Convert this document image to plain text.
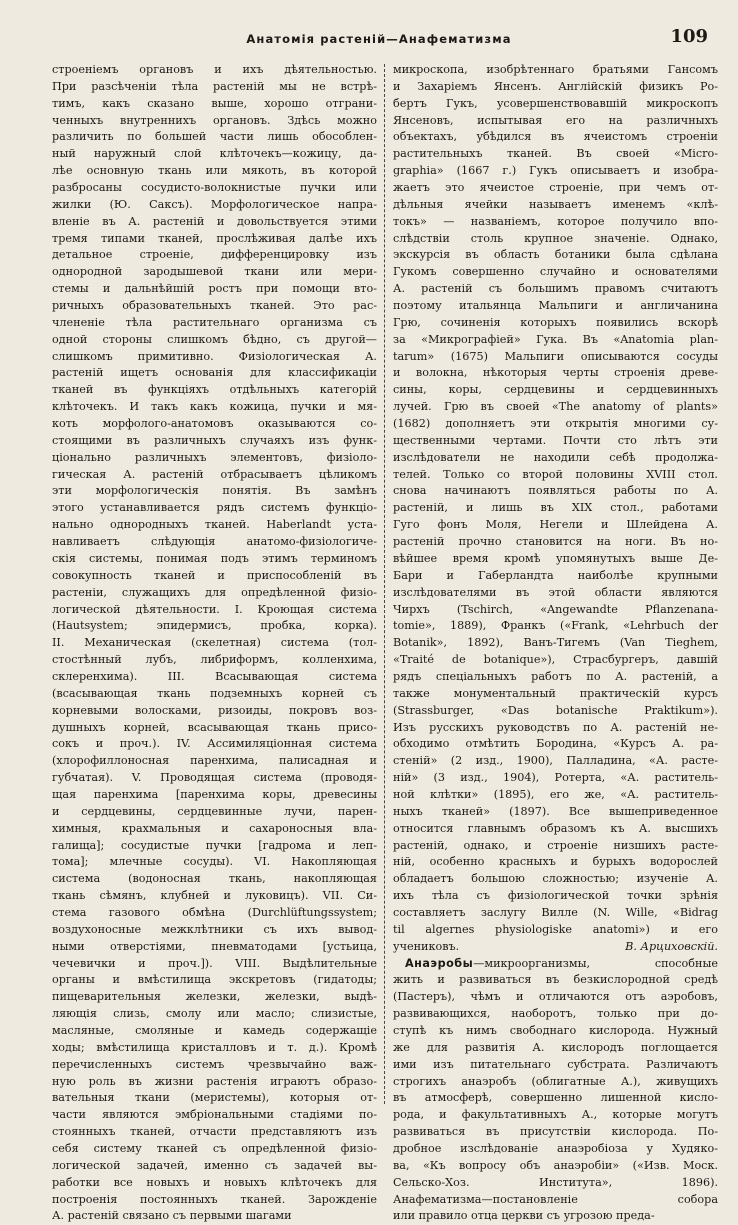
Анатомія растеній—Анафематизма	109
строеніемъ органовъ и ихъ дѣятельностью.
При разсѣченіи тѣла растеній мы не встрѣ-
тимъ, какъ сказано выше, хорошо отграни-
ченныхъ внутреннихъ органовъ. Здѣсь можно
различить по большей части лишь обособлен-
ный наружный слой клѣточекъ—кожицу, да-
лѣе основную ткань или мякоть, въ которой
разбросаны сосудисто-волокнистые пучки или
жилки (Ю. Саксъ). Морфологическое напра-
вленіе въ А. растеній и довольствуется этими
тремя типами тканей, прослѣживая далѣе ихъ
детальное строеніе, дифференцировку изъ
однородной зародышевой ткани или мери-
стемы и дальнѣйшій ростъ при помощи вто-
ричныхъ образовательныхъ тканей. Это рас-
члененіе тѣла растительнаго организма съ
одной стороны слишкомъ бѣдно, съ другой—
слишкомъ примитивно. Физіологическая А.
растеній ищетъ основанія для классификаціи
тканей въ функціяхъ отдѣльныхъ категорій
клѣточекъ. И такъ какъ кожица, пучки и мя-
коть морфолого-анатомовъ оказываются со-
стоящими въ различныхъ случаяхъ изъ функ-
ціонально различныхъ элементовъ, физіоло-
гическая А. растеній отбрасываетъ цѣликомъ
эти морфологическія понятія. Въ замѣнъ
этого устанавливается рядъ системъ функціо-
нально однородныхъ тканей. Haberlandt уста-
навливаетъ слѣдующія анатомо-физіологиче-
скія системы, понимая подъ этимъ терминомъ
совокупность тканей и приспособленій въ
растеніи, служащихъ для опредѣленной физіо-
логической дѣятельности. I. Кроющая система
(Hautsystem; эпидермисъ, пробка, корка).
II. Механическая (скелетная) система (тол-
стостѣнный лубъ, либриформъ, колленхима,
склеренхима). III. Всасывающая система
(всасывающая ткань подземныхъ корней съ
корневыми волосками, ризоиды, покровъ воз-
душныхъ корней, всасывающая ткань присо-
сокъ и проч.). IV. Ассимиляціонная система
(хлорофиллоносная паренхима, палисадная и
губчатая). V. Проводящая система (проводя-
щая паренхима [паренхима коры, древесины
и сердцевины, сердцевинные лучи, парен-
химныя, крахмальныя и сахароносныя вла-
галища]; сосудистые пучки [гадрома и леп-
тома]; млечные сосуды). VI. Накопляющая
система (водоносная ткань, накопляющая
ткань сѣмянъ, клубней и луковицъ). VII. Си-
стема газового обмѣна (Durchlüftungssystem;
воздухоносные межклѣтники съ ихъ вывод-
ными отверстіями, пневматодами [устьица,
чечевички и проч.]). VIII. Выдѣлительные
органы и вмѣстилища экскретовъ (гидатоды;
пищеварительныя железки, железки, выдѣ-
ляющія слизь, смолу или масло; слизистые,
масляные, смоляные и камедь содержащіе
ходы; вмѣстилища кристалловъ и т. д.). Кромѣ
перечисленныхъ системъ чрезвычайно важ-
ную роль въ жизни растенія играютъ образо-
вательныя ткани (меристемы), которыя от-
части являются эмбріональными стадіями по-
стоянныхъ тканей, отчасти представляютъ изъ
себя систему тканей съ опредѣленной физіо-
логической задачей, именно съ задачей вы-
работки все новыхъ и новыхъ клѣточекъ для
построенія постоянныхъ тканей. Зарожденіе
А. растеній связано съ первыми шагами
микроскопа, изобрѣтеннаго братьями Гансомъ
и Захаріемъ Янсенъ. Англійскій физикъ Ро-
бертъ Гукъ, усовершенствовавшій микроскопъ
Янсеновъ, испытывая его на различныхъ
объектахъ, убѣдился въ ячеистомъ строеніи
растительныхъ тканей. Въ своей «Micro-
graphia» (1667 г.) Гукъ описываетъ и изобра-
жаетъ это ячеистое строеніе, при чемъ от-
дѣльныя ячейки называетъ именемъ «клѣ-
токъ» — названіемъ, которое получило впо-
слѣдствіи столь крупное значеніе. Однако,
экскурсія въ область ботаники была сдѣлана
Гукомъ совершенно случайно и основателями
А. растеній съ большимъ правомъ считаютъ
поэтому итальянца Мальпиги и англичанина
Грю, сочиненія которыхъ появились вскорѣ
за «Микрографіей» Гука. Въ «Anatomia plan-
tarum» (1675) Мальпиги описываются сосуды
и волокна, нѣкоторыя черты строенія древе-
сины, коры, сердцевины и сердцевинныхъ
лучей. Грю въ своей «The anatomy of plants»
(1682) дополняетъ эти открытія многими су-
щественными чертами. Почти сто лѣтъ эти
изслѣдователи не находили себѣ продолжа-
телей. Только со второй половины XVIII стол.
снова начинаютъ появляться работы по А.
растеній, и лишь въ XIX стол., работами
Гуго фонъ Моля, Негели и Шлейдена А.
растеній прочно становится на ноги. Въ но-
вѣйшее время кромѣ упомянутыхъ выше Де-
Бари и Габерландта наиболѣе крупными
изслѣдователями въ этой области являются
Чирхъ (Tschirch, «Angewandte Pflanzenana-
tomie», 1889), Франкъ («Frank, «Lehrbuch der
Botanik», 1892), Ванъ-Тигемъ (Van Tieghem,
«Traité de botanique»), Страсбургеръ, давшій
рядъ спеціальныхъ работъ по А. растеній, а
также монументальный практическій курсъ
(Strassburger, «Das botanische Praktikum»).
Изъ русскихъ руководствъ по А. растеній не-
обходимо отмѣтить Бородина, «Курсъ А. ра-
стеній» (2 изд., 1900), Палладина, «А. расте-
ній» (3 изд., 1904), Ротерта, «А. раститель-
ной клѣтки» (1895), его же, «А. раститель-
ныхъ тканей» (1897). Все вышеприведенное
относится главнымъ образомъ къ А. высшихъ
растеній, однако, и строеніе низшихъ расте-
ній, особенно красныхъ и бурыхъ водорослей
обладаетъ большою сложностью; изученіе А.
ихъ тѣла съ физіологической точки зрѣнія
составляетъ заслугу Вилле (N. Wille, «Bidrag
til algernes physiologiske anatomi») и его
учениковъ.	В. Арциховскій.
Анаэробы—микроорганизмы, способные
жить и развиваться въ безкислородной средѣ
(Пастеръ), чѣмъ и отличаются отъ аэробовъ,
развивающихся, наоборотъ, только при до-
ступѣ къ нимъ свободнаго кислорода. Нужный
же для развитія А. кислородъ поглощается
ими изъ питательнаго субстрата. Различаютъ
строгихъ анаэробъ (облигатные А.), живущихъ
въ атмосферѣ, совершенно лишенной кисло-
рода, и факультативныхъ А., которые могутъ
развиваться въ присутствіи кислорода. По-
дробное изслѣдованіе анаэробіоза у Худяко-
ва, «Къ вопросу объ анаэробіи» («Изв. Моск.
Сельско-Хоз. Института», 1896).
Анафематизма—постановленіе собора
или правило отца церкви съ угрозою преда-
